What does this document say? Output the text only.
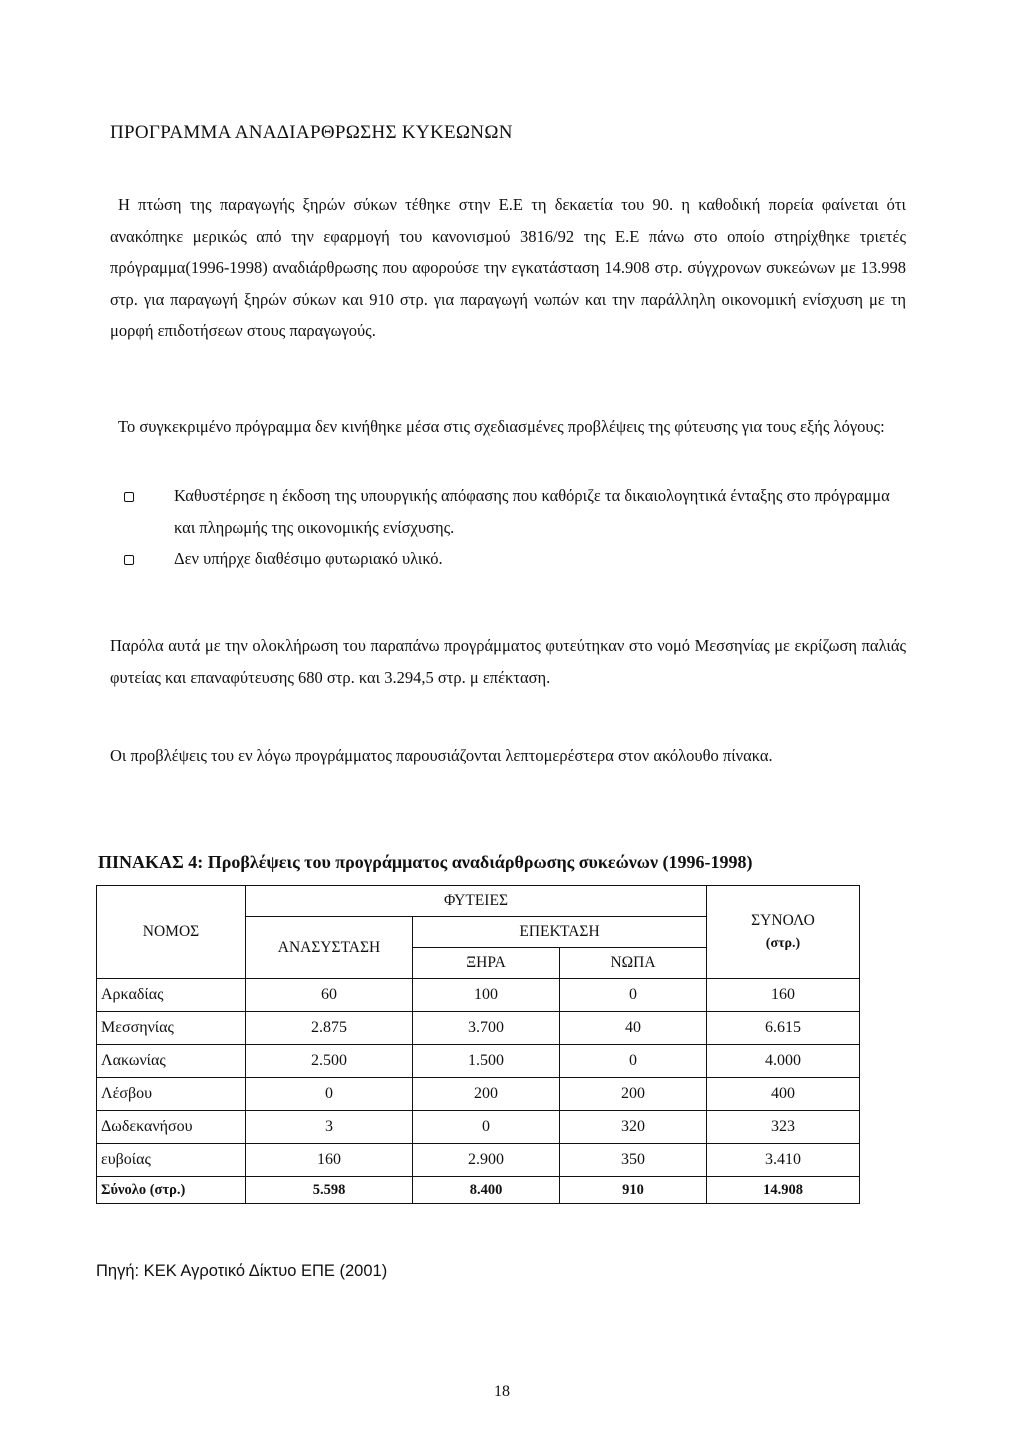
ΠΡΟΓΡΑΜΜΑ ΑΝΑΔΙΑΡΘΡΩΣΗΣ ΚΥΚΕΩΝΩΝ

Η πτώση της παραγωγής ξηρών σύκων τέθηκε στην Ε.Ε τη δεκαετία του 90. η καθοδική πορεία φαίνεται ότι ανακόπηκε μερικώς από την εφαρμογή του κανονισμού 3816/92 της Ε.Ε πάνω στο οποίο στηρίχθηκε τριετές πρόγραμμα(1996-1998) αναδιάρθρωσης που αφορούσε την εγκατάσταση 14.908 στρ. σύγχρονων συκεώνων με 13.998 στρ. για παραγωγή ξηρών σύκων και 910 στρ. για παραγωγή νωπών και την παράλληλη οικονομική ενίσχυση με τη μορφή επιδοτήσεων στους παραγωγούς.

Το συγκεκριμένο πρόγραμμα δεν κινήθηκε μέσα στις σχεδιασμένες προβλέψεις της φύτευσης για τους εξής λόγους:

Καθυστέρησε η έκδοση της υπουργικής απόφασης που καθόριζε τα δικαιολογητικά ένταξης στο πρόγραμμα και πληρωμής της οικονομικής ενίσχυσης.
Δεν υπήρχε διαθέσιμο φυτωριακό υλικό.

Παρόλα αυτά με την ολοκλήρωση του παραπάνω προγράμματος φυτεύτηκαν στο νομό Μεσσηνίας με εκρίζωση παλιάς φυτείας και επαναφύτευσης 680 στρ. και 3.294,5 στρ. μ επέκταση.

Οι προβλέψεις του εν λόγω προγράμματος παρουσιάζονται λεπτομερέστερα στον ακόλουθο πίνακα.

ΠΙΝΑΚΑΣ 4: Προβλέψεις του προγράμματος αναδιάρθρωσης συκεώνων (1996-1998)
ΝΟΜΟΣ	ΦΥΤΕΙΕΣ			ΣΥΝΟΛΟ
(στρ.)

	ΑΝΑΣΥΣΤΑΣΗ	ΕΠΕΚΤΑΣΗ		
		ΞΗΡΑ	ΝΩΠΑ	
Αρκαδίας	60	100	0	160
Μεσσηνίας	2.875	3.700	40	6.615
Λακωνίας	2.500	1.500	0	4.000
Λέσβου	0	200	200	400
Δωδεκανήσου	3	0	320	323
ευβοίας	160	2.900	350	3.410
Σύνολο (στρ.)	5.598	8.400	910	14.908

Πηγή: ΚΕΚ Αγροτικό Δίκτυο ΕΠΕ (2001)

18
